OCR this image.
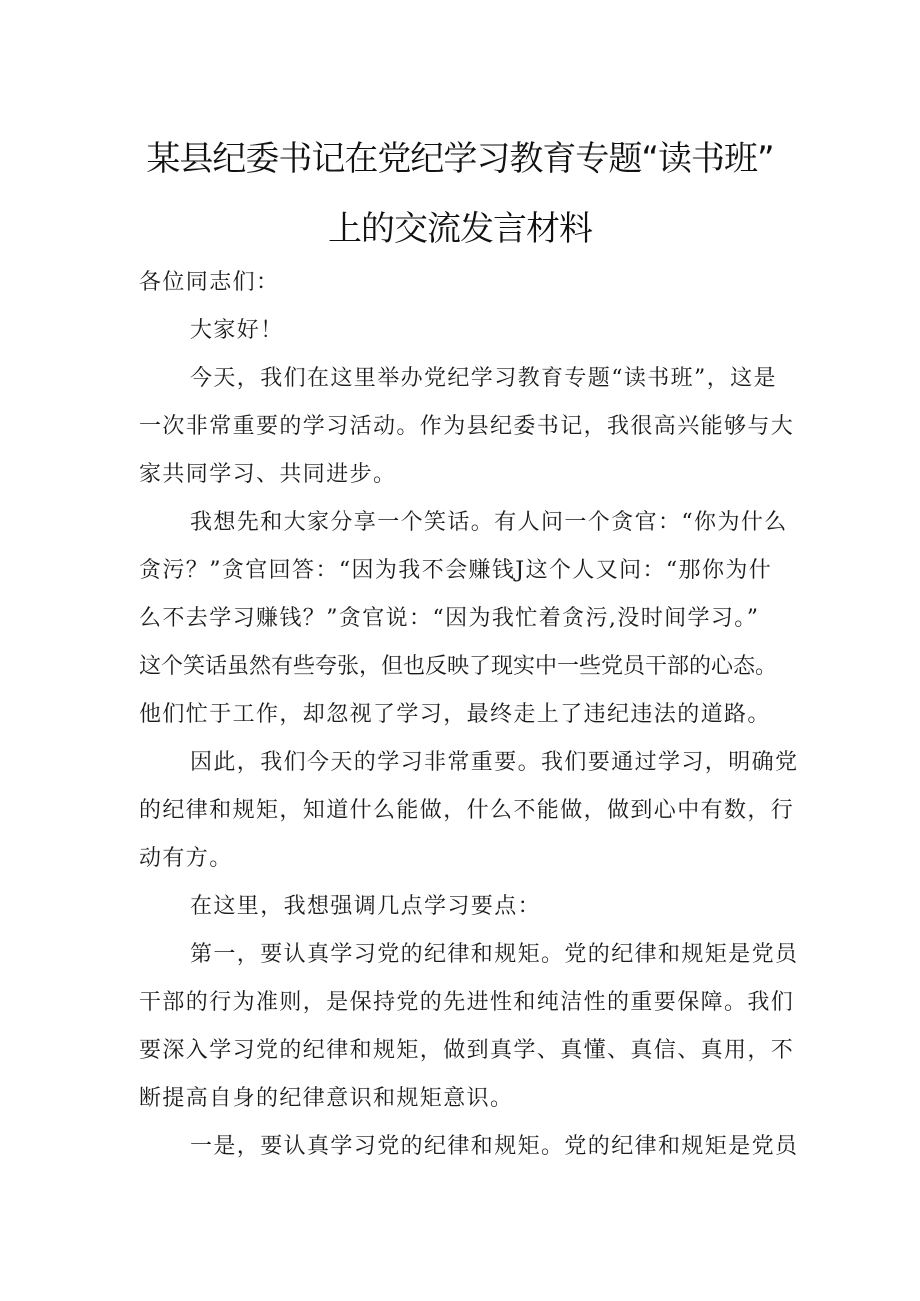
某县纪委书记在党纪学习教育专题“读书班”
上的交流发言材料
各位同志们：
大家好！
今天，我们在这里举办党纪学习教育专题“读书班”，这是
一次非常重要的学习活动。作为县纪委书记，我很高兴能够与大
家共同学习、共同进步。
我想先和大家分享一个笑话。有人问一个贪官：“你为什么
贪污？”贪官回答：“因为我不会赚钱J这个人又问：“那你为什
么不去学习赚钱？”贪官说：“因为我忙着贪污,没时间学习。”
这个笑话虽然有些夸张，但也反映了现实中一些党员干部的心态。
他们忙于工作，却忽视了学习，最终走上了违纪违法的道路。
因此，我们今天的学习非常重要。我们要通过学习，明确党
的纪律和规矩，知道什么能做，什么不能做，做到心中有数，行
动有方。
在这里，我想强调几点学习要点：
第一，要认真学习党的纪律和规矩。党的纪律和规矩是党员
干部的行为准则，是保持党的先进性和纯洁性的重要保障。我们
要深入学习党的纪律和规矩，做到真学、真懂、真信、真用，不
断提高自身的纪律意识和规矩意识。
一是，要认真学习党的纪律和规矩。党的纪律和规矩是党员
